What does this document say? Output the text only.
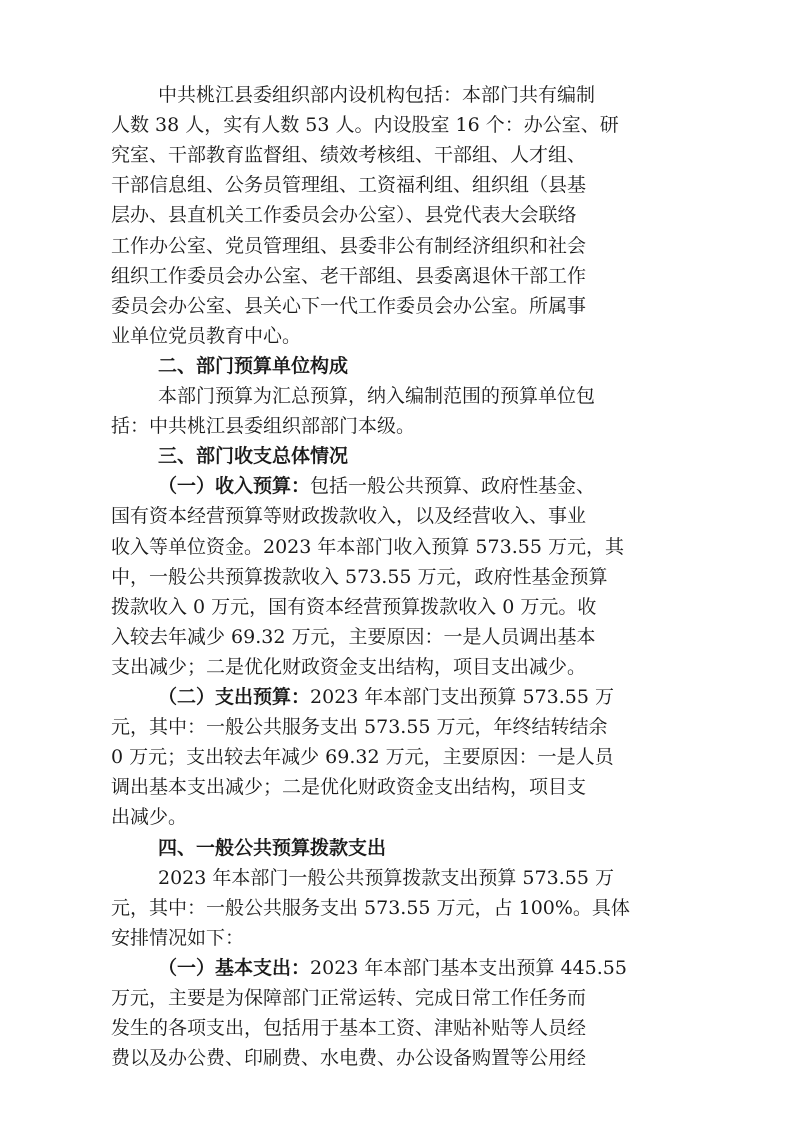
中共桃江县委组织部内设机构包括：本部门共有编制

人数 38 人，实有人数 53 人。内设股室 16 个：办公室、研

究室、干部教育监督组、绩效考核组、干部组、人才组、

干部信息组、公务员管理组、工资福利组、组织组（县基

层办、县直机关工作委员会办公室）、县党代表大会联络

工作办公室、党员管理组、县委非公有制经济组织和社会

组织工作委员会办公室、老干部组、县委离退休干部工作

委员会办公室、县关心下一代工作委员会办公室。所属事

业单位党员教育中心。

二、部门预算单位构成

本部门预算为汇总预算，纳入编制范围的预算单位包

括：中共桃江县委组织部部门本级。

三、部门收支总体情况

（一）收入预算：包括一般公共预算、政府性基金、

国有资本经营预算等财政拨款收入，以及经营收入、事业

收入等单位资金。2023 年本部门收入预算 573.55 万元，其

中，一般公共预算拨款收入 573.55 万元，政府性基金预算

拨款收入 0 万元，国有资本经营预算拨款收入 0 万元。收

入较去年减少 69.32 万元，主要原因：一是人员调出基本

支出减少；二是优化财政资金支出结构，项目支出减少。

（二）支出预算：2023 年本部门支出预算 573.55 万

元，其中：一般公共服务支出 573.55 万元，年终结转结余

0 万元；支出较去年减少 69.32 万元，主要原因：一是人员

调出基本支出减少；二是优化财政资金支出结构，项目支

出减少。

四、一般公共预算拨款支出

2023 年本部门一般公共预算拨款支出预算 573.55 万

元，其中：一般公共服务支出 573.55 万元，占 100%。具体

安排情况如下：

（一）基本支出：2023 年本部门基本支出预算 445.55

万元，主要是为保障部门正常运转、完成日常工作任务而

发生的各项支出，包括用于基本工资、津贴补贴等人员经

费以及办公费、印刷费、水电费、办公设备购置等公用经
